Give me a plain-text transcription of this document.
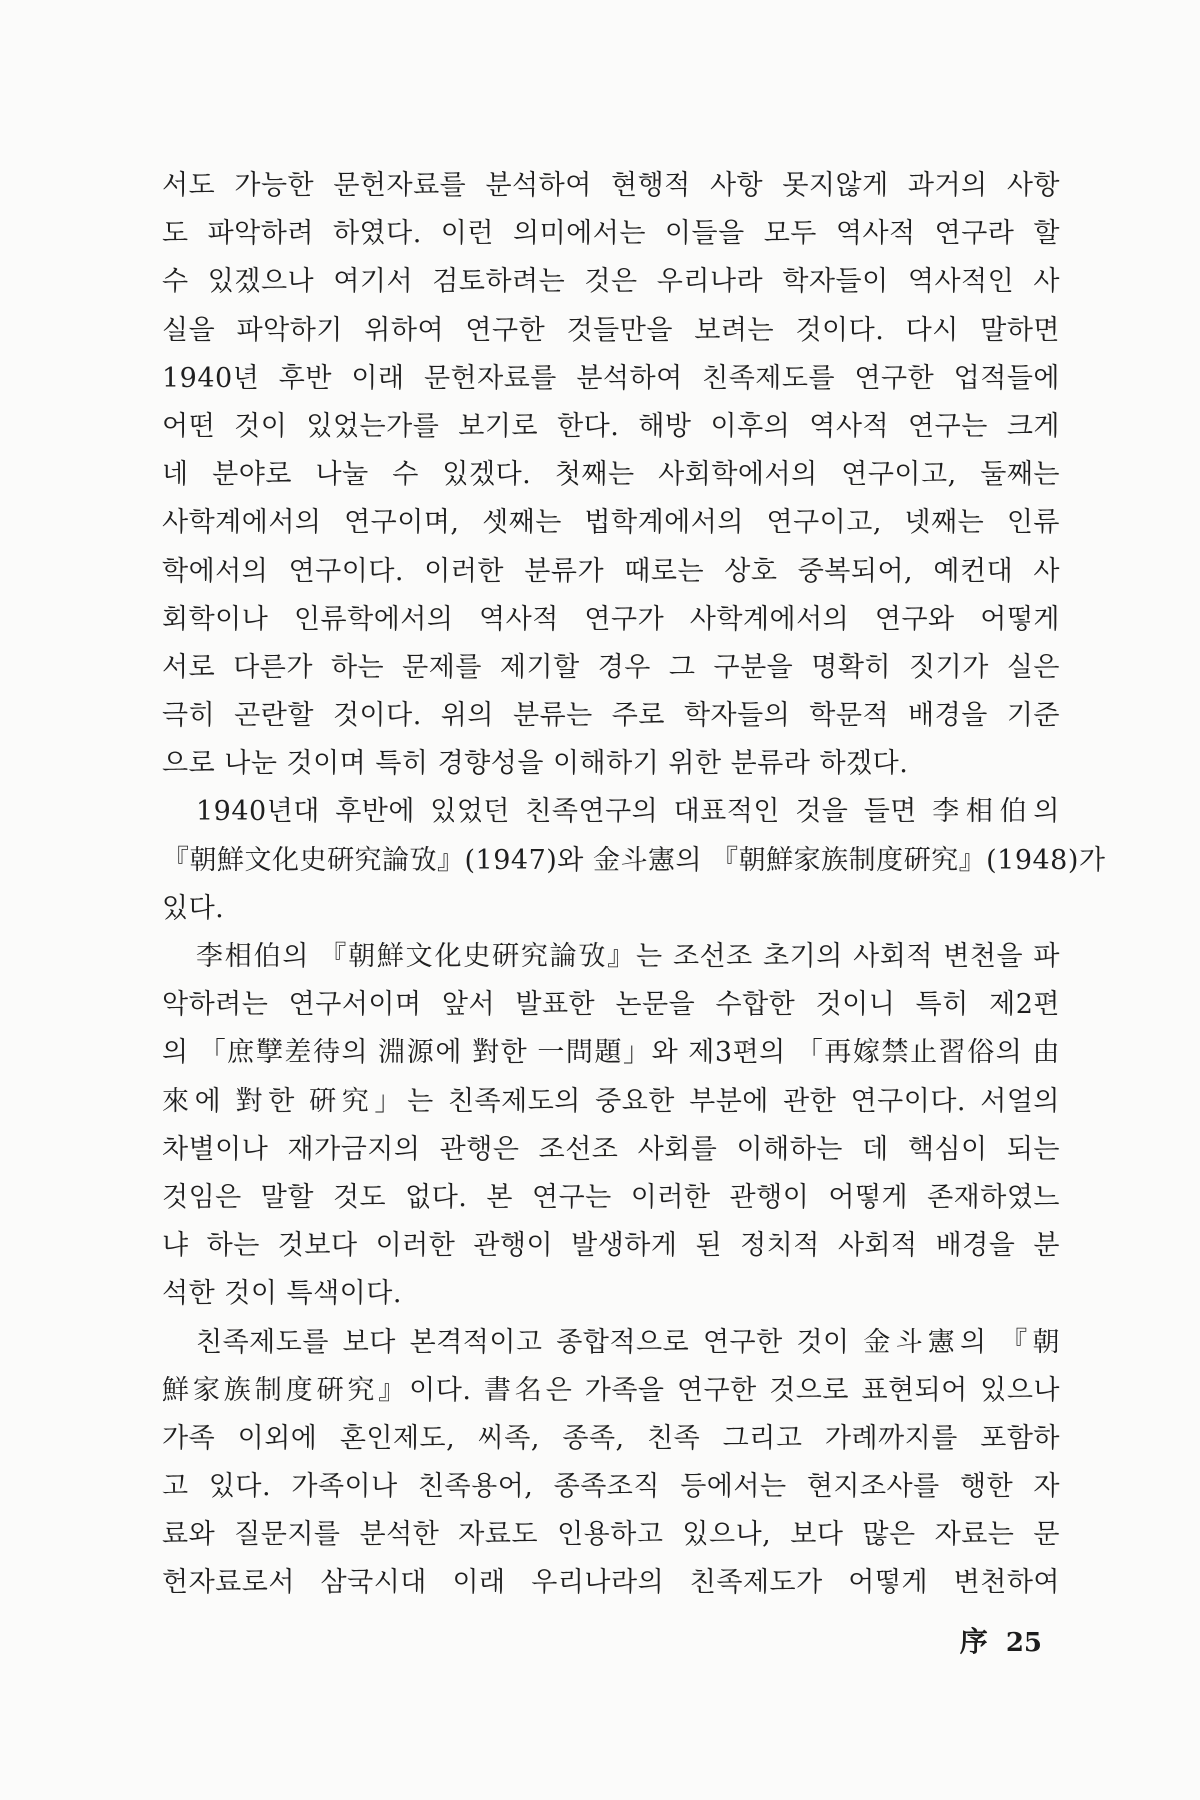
서도 가능한 문헌자료를 분석하여 현행적 사항 못지않게 과거의 사항
도 파악하려 하였다. 이런 의미에서는 이들을 모두 역사적 연구라 할
수 있겠으나 여기서 검토하려는 것은 우리나라 학자들이 역사적인 사
실을 파악하기 위하여 연구한 것들만을 보려는 것이다. 다시 말하면
1940년 후반 이래 문헌자료를 분석하여 친족제도를 연구한 업적들에
어떤 것이 있었는가를 보기로 한다. 해방 이후의 역사적 연구는 크게
네 분야로 나눌 수 있겠다. 첫째는 사회학에서의 연구이고, 둘째는
사학계에서의 연구이며, 셋째는 법학계에서의 연구이고, 넷째는 인류
학에서의 연구이다. 이러한 분류가 때로는 상호 중복되어, 예컨대 사
회학이나 인류학에서의 역사적 연구가 사학계에서의 연구와 어떻게
서로 다른가 하는 문제를 제기할 경우 그 구분을 명확히 짓기가 실은
극히 곤란할 것이다. 위의 분류는 주로 학자들의 학문적 배경을 기준
으로 나눈 것이며 특히 경향성을 이해하기 위한 분류라 하겠다.
1940년대 후반에 있었던 친족연구의 대표적인 것을 들면 李相伯의
『朝鮮文化史硏究論攷』(1947)와 金斗憲의 『朝鮮家族制度硏究』(1948)가
있다.
李相伯의 『朝鮮文化史硏究論攷』는 조선조 초기의 사회적 변천을 파
악하려는 연구서이며 앞서 발표한 논문을 수합한 것이니 특히 제2편
의 「庶孼差待의 淵源에 對한 一問題」와 제3편의 「再嫁禁止習俗의 由
來에 對한 硏究」는 친족제도의 중요한 부분에 관한 연구이다. 서얼의
차별이나 재가금지의 관행은 조선조 사회를 이해하는 데 핵심이 되는
것임은 말할 것도 없다. 본 연구는 이러한 관행이 어떻게 존재하였느
냐 하는 것보다 이러한 관행이 발생하게 된 정치적 사회적 배경을 분
석한 것이 특색이다.
친족제도를 보다 본격적이고 종합적으로 연구한 것이 金斗憲의 『朝
鮮家族制度硏究』이다. 書名은 가족을 연구한 것으로 표현되어 있으나
가족 이외에 혼인제도, 씨족, 종족, 친족 그리고 가례까지를 포함하
고 있다. 가족이나 친족용어, 종족조직 등에서는 현지조사를 행한 자
료와 질문지를 분석한 자료도 인용하고 있으나, 보다 많은 자료는 문
헌자료로서 삼국시대 이래 우리나라의 친족제도가 어떻게 변천하여
序 25
